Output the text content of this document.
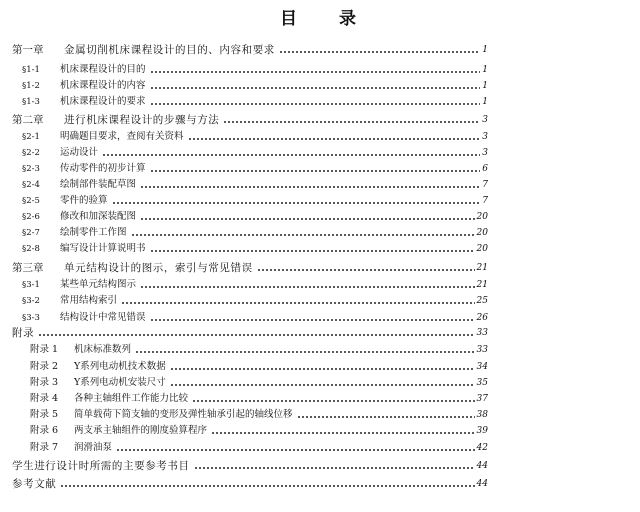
目 录
第一章	金属切削机床课程设计的目的、内容和要求	1
§1-1	机床课程设计的目的	1
§1-2	机床课程设计的内容	1
§1-3	机床课程设计的要求	1
第二章	进行机床课程设计的步骤与方法	3
§2-1	明确题目要求，查阅有关资料	3
§2-2	运动设计	3
§2-3	传动零件的初步计算	6
§2-4	绘制部件装配草图	7
§2-5	零件的验算	7
§2-6	修改和加深装配图	20
§2-7	绘制零件工作图	20
§2-8	编写设计计算说明书	20
第三章	单元结构设计的图示，索引与常见错误	21
§3-1	某些单元结构图示	21
§3-2	常用结构索引	25
§3-3	结构设计中常见错误	26
附录	33
附录 1	机床标准数列	33
附录 2	Y系列电动机技术数据	34
附录 3	Y系列电动机安装尺寸	35
附录 4	各种主轴组件工作能力比较	37
附录 5	简单载荷下简支轴的变形及弹性轴承引起的轴线位移	38
附录 6	两支承主轴组件的刚度验算程序	39
附录 7	润滑油泵	42
学生进行设计时所需的主要参考书目	44
参考文献	44
